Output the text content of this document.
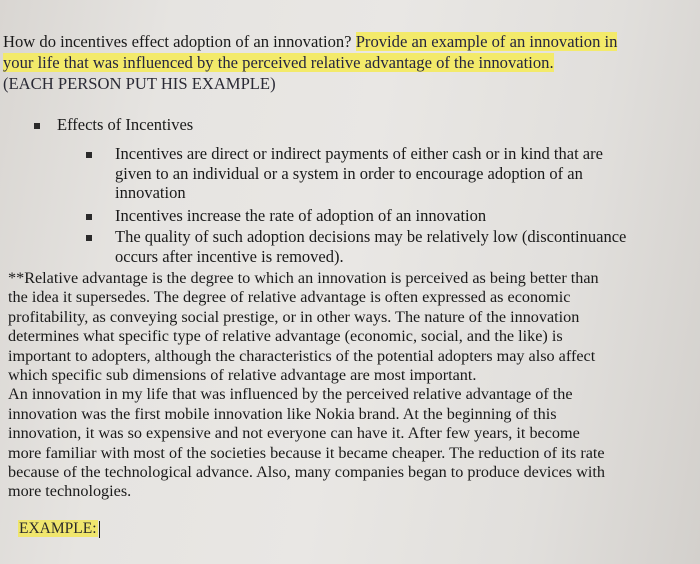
How do incentives effect adoption of an innovation? Provide an example of an innovation in

your life that was influenced by the perceived relative advantage of the innovation.

(EACH PERSON PUT HIS EXAMPLE)

Effects of Incentives
Incentives are direct or indirect payments of either cash or in kind that are
given to an individual or a system in order to encourage adoption of an
innovation
Incentives increase the rate of adoption of an innovation
The quality of such adoption decisions may be relatively low (discontinuance
occurs after incentive is removed).

**Relative advantage is the degree to which an innovation is perceived as being better than

the idea it supersedes. The degree of relative advantage is often expressed as economic

profitability, as conveying social prestige, or in other ways. The nature of the innovation

determines what specific type of relative advantage (economic, social, and the like) is

important to adopters, although the characteristics of the potential adopters may also affect

which specific sub dimensions of relative advantage are most important.

An innovation in my life that was influenced by the perceived relative advantage of the

innovation was the first mobile innovation like Nokia brand. At the beginning of this

innovation, it was so expensive and not everyone can have it. After few years, it become

more familiar with most of the societies because it became cheaper. The reduction of its rate

because of the technological advance. Also, many companies began to produce devices with

more technologies.

EXAMPLE:
